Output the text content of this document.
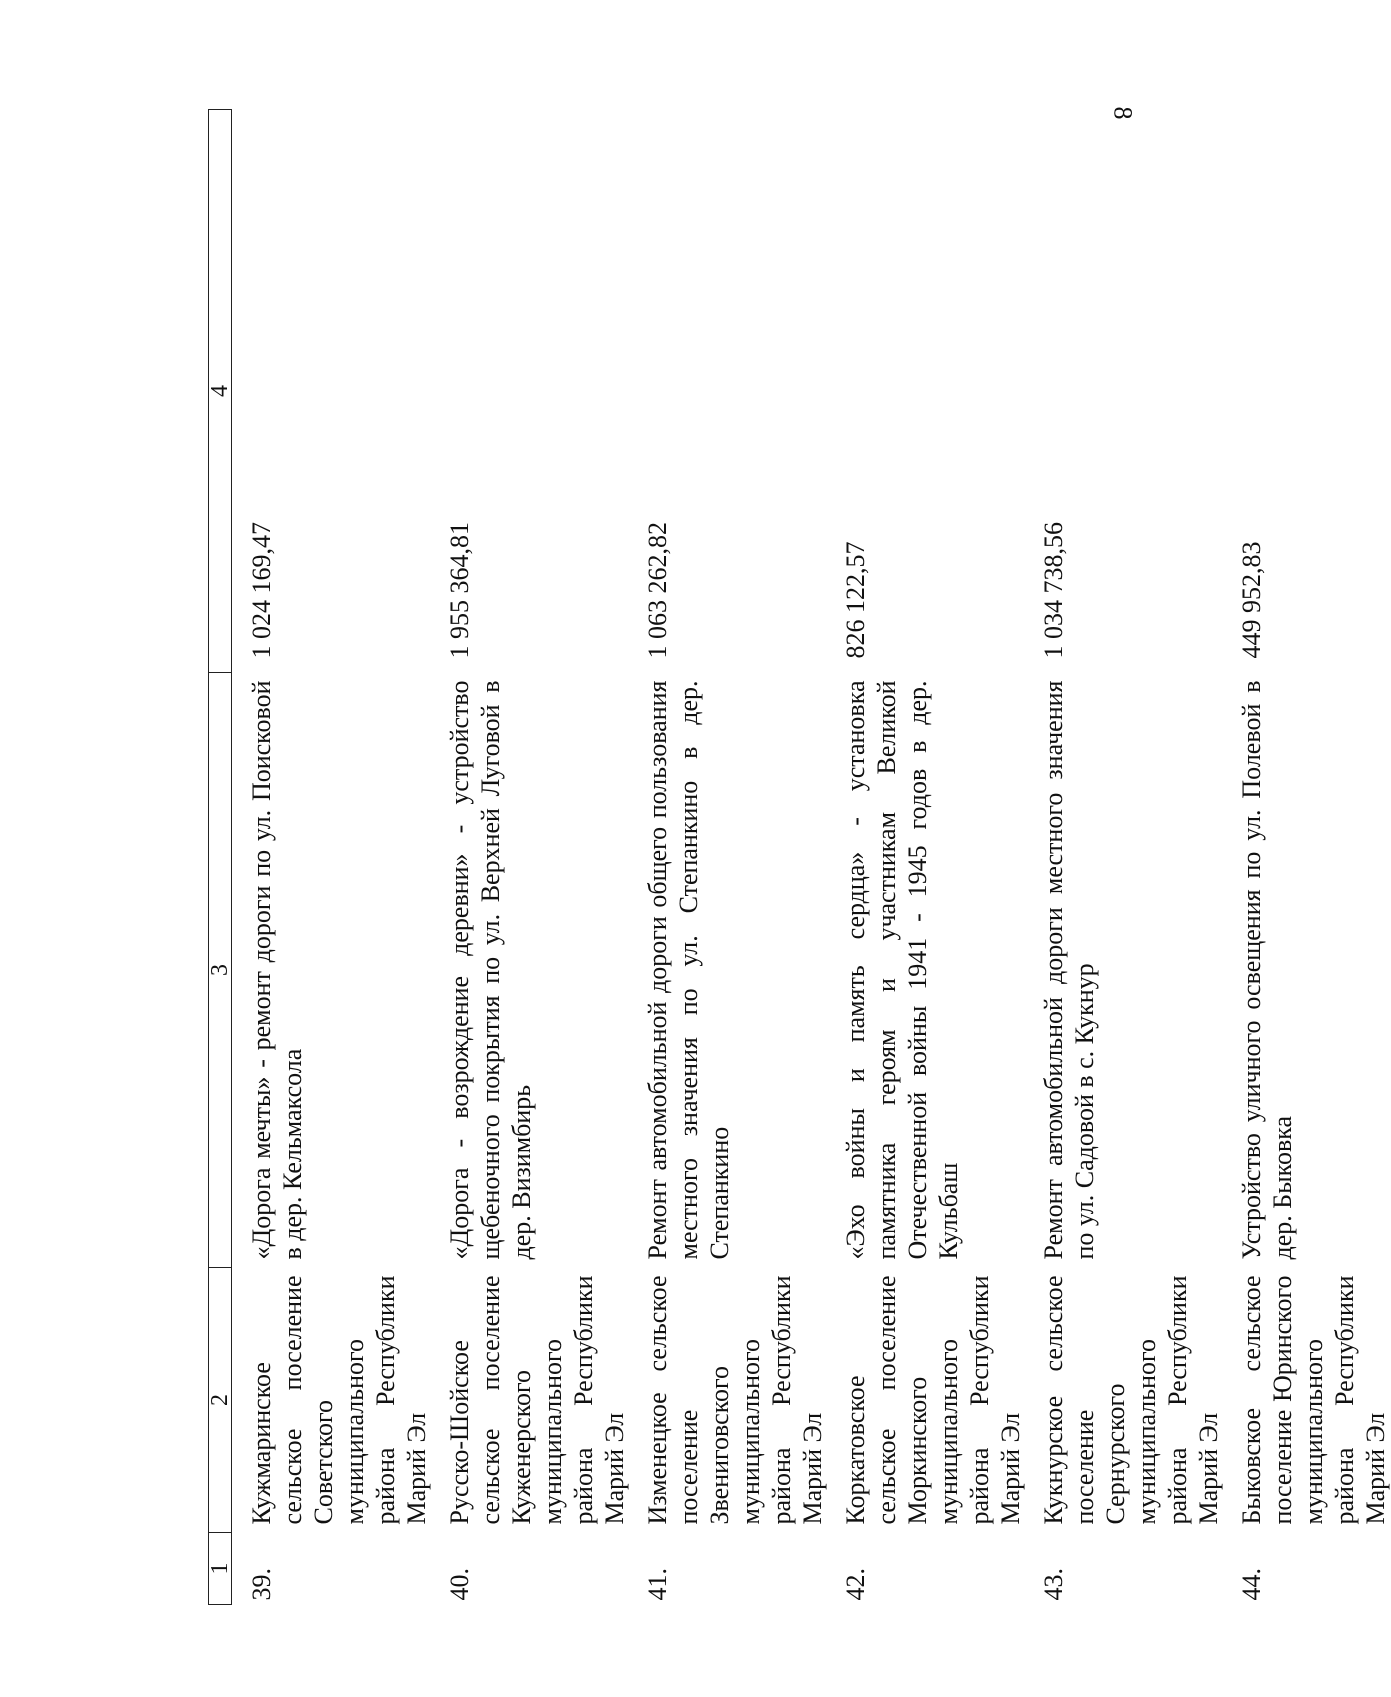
8
1	2	3	4
39.	Кужмаринское сельское поселение Советского муниципального района Республики Марий Эл	«Дорога мечты» - ремонт дороги по ул. Поисковой в дер. Кельмаксола	1 024 169,47
40.	Русско-Шойское сельское поселение Куженерского муниципального района Республики Марий Эл	«Дорога - возрождение деревни» - устройство щебеночного покрытия по ул. Верхней Луговой в дер. Визимбирь	1 955 364,81
41.	Изменецкое сельское поселение Звениговского муниципального района Республики Марий Эл	Ремонт автомобильной дороги общего пользования местного значения по ул. Степанкино в дер. Степанкино	1 063 262,82
42.	Коркатовское сельское поселение Моркинского муниципального района Республики Марий Эл	«Эхо войны и память сердца» - установка памятника героям и участникам Великой Отечественной войны 1941 - 1945 годов в дер. Кульбаш	826 122,57
43.	Кукнурское сельское поселение Сернурского муниципального района Республики Марий Эл	Ремонт автомобильной дороги местного значения по ул. Садовой в с. Кукнур	1 034 738,56
44.	Быковское сельское поселение Юринского муниципального района Республики Марий Эл	Устройство уличного освещения по ул. Полевой в дер. Быковка	449 952,83
